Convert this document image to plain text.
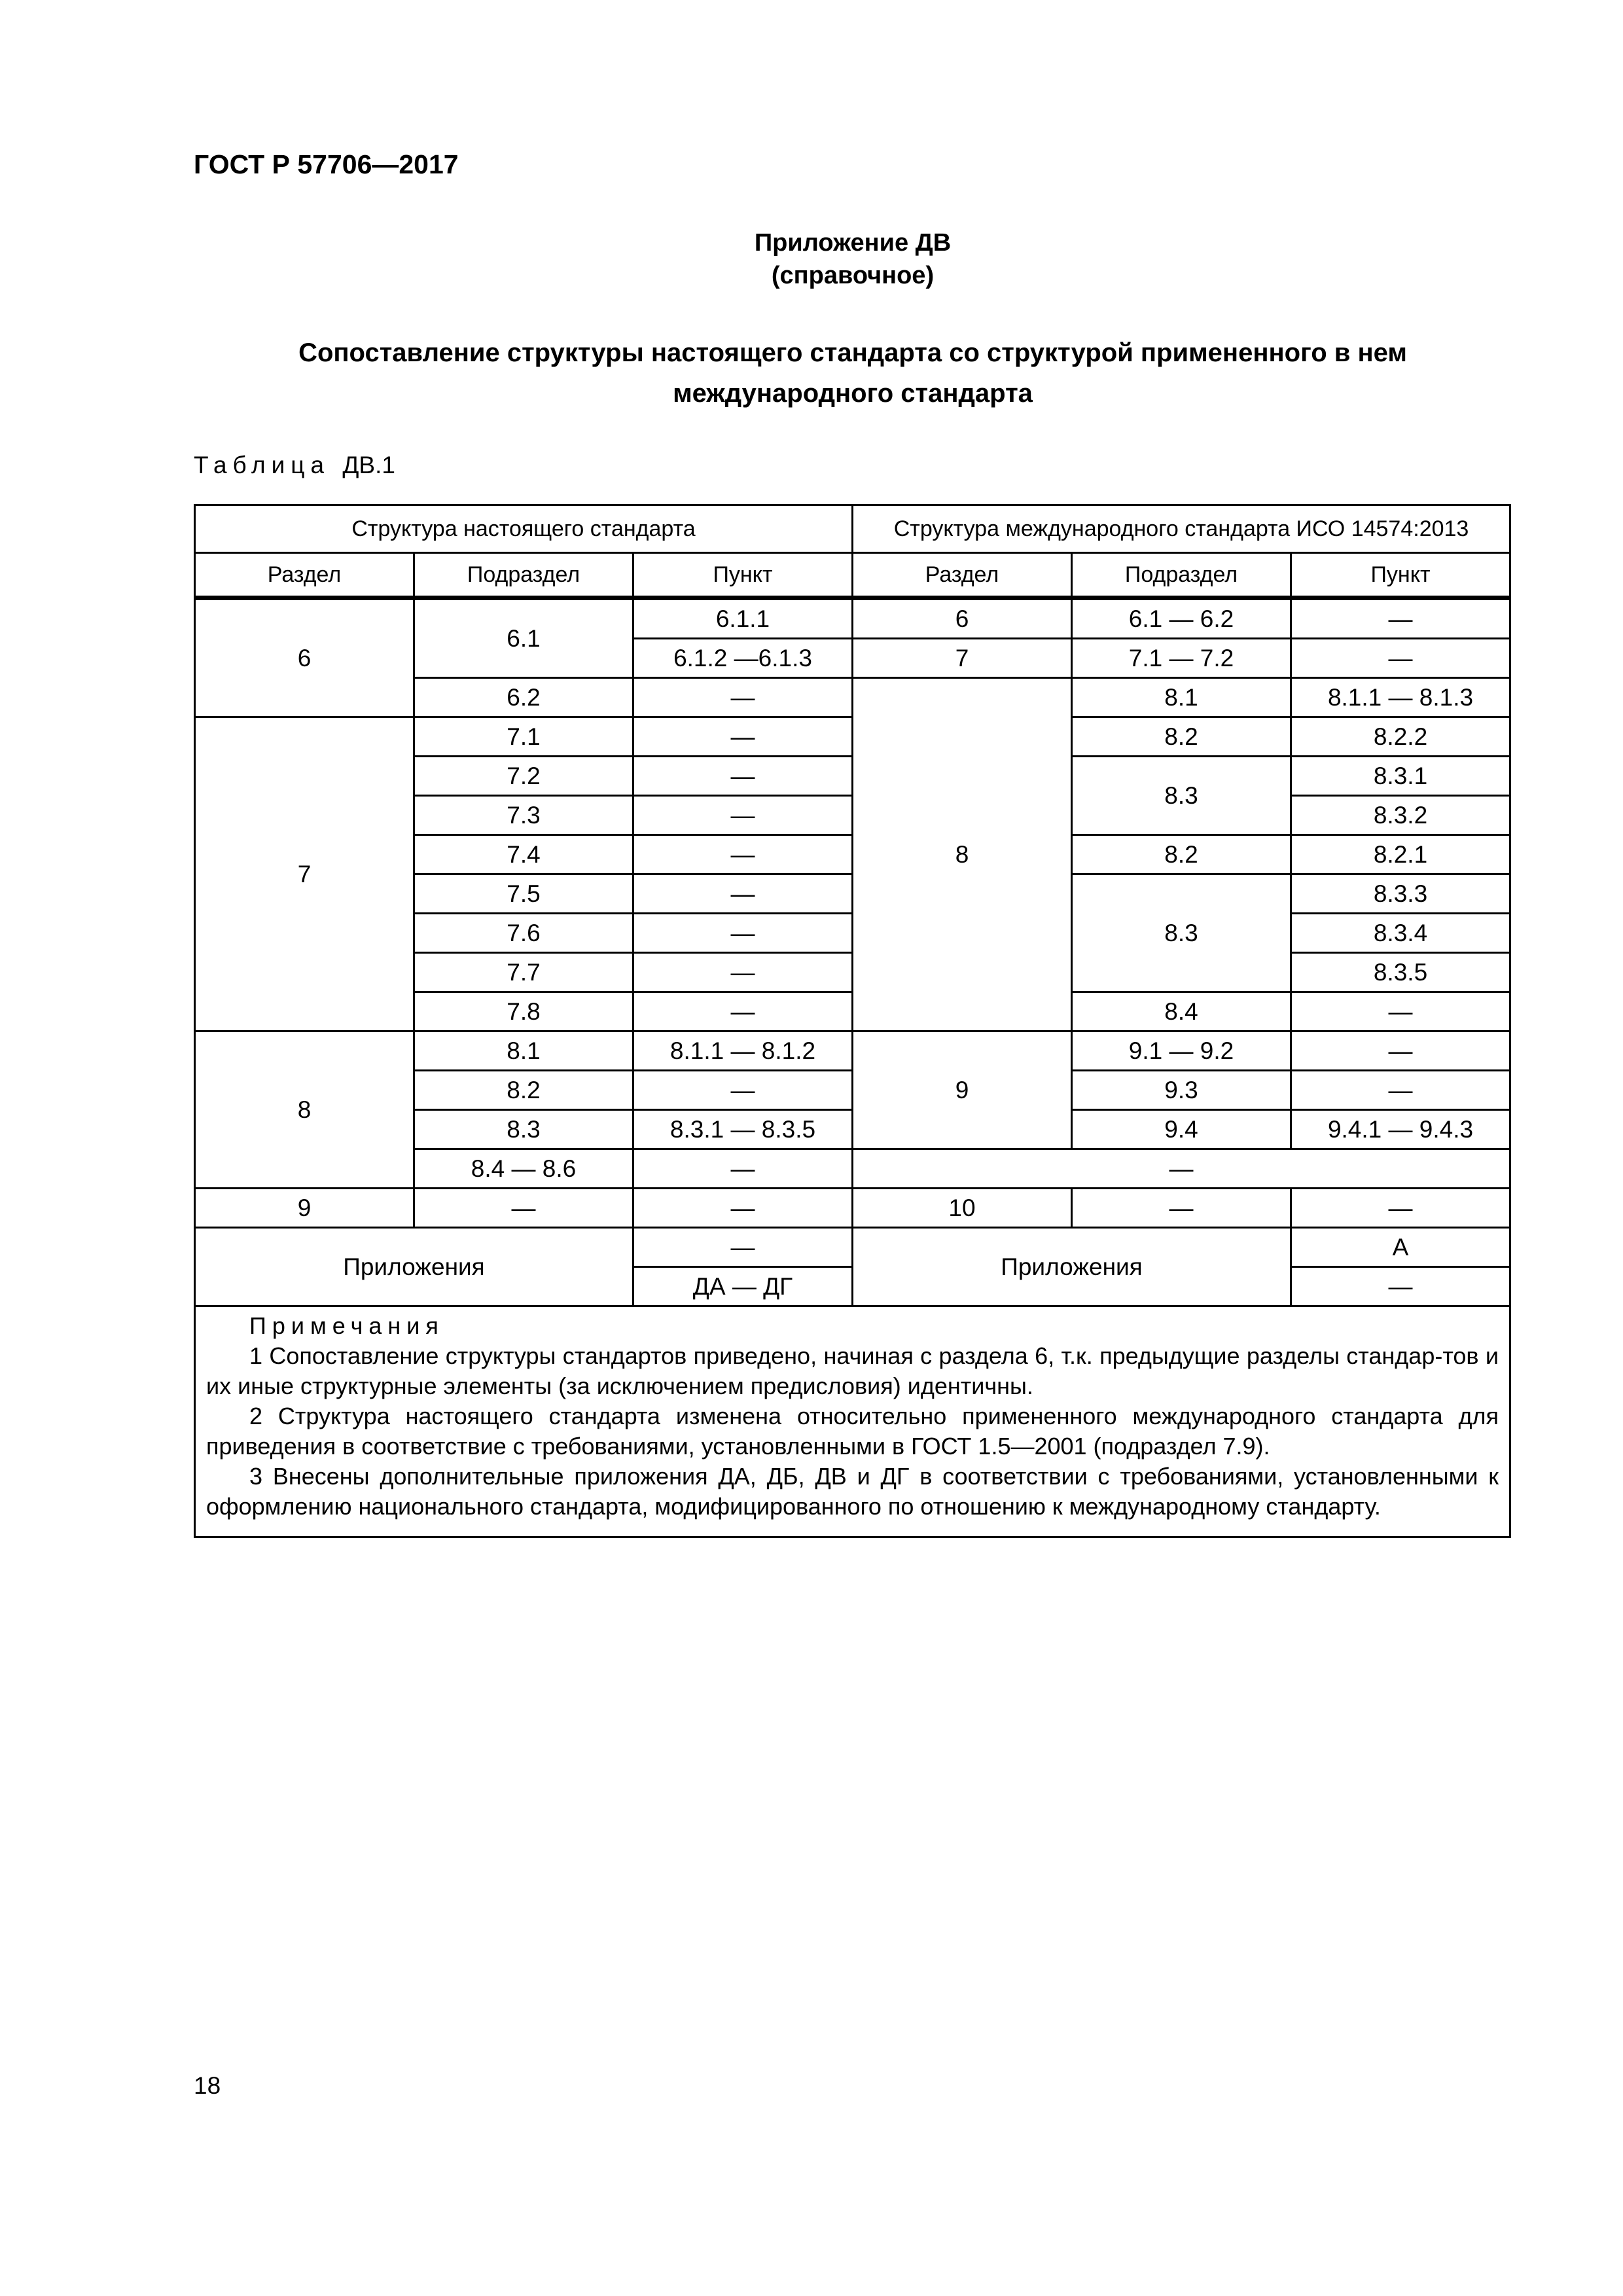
ГОСТ Р 57706—2017
Приложение ДВ
(справочное)
Сопоставление структуры настоящего стандарта со структурой примененного в нем
международного стандарта
Таблица ДВ.1
Структура настоящего стандарта			Структура международного стандарта ИСО 14574:2013		
Раздел	Подраздел	Пункт	Раздел	Подраздел	Пункт
6	6.1	6.1.1	6	6.1 — 6.2	—
		6.1.2 —6.1.3	7	7.1 — 7.2	—
	6.2	—	8	8.1	8.1.1 — 8.1.3
7	7.1	—		8.2	8.2.2
	7.2	—		8.3	8.3.1
	7.3	—			8.3.2
	7.4	—		8.2	8.2.1
	7.5	—		8.3	8.3.3
	7.6	—			8.3.4
	7.7	—			8.3.5
	7.8	—		8.4	—
8	8.1	8.1.1 — 8.1.2	9	9.1 — 9.2	—
	8.2	—		9.3	—
	8.3	8.3.1 — 8.3.5		9.4	9.4.1 — 9.4.3
	8.4 — 8.6	—	—		
9	—	—	10	—	—
Приложения		—	Приложения		А
		ДА — ДГ			—

Примечания

1 Сопоставление структуры стандартов приведено, начиная с раздела 6, т.к. предыдущие разделы стандар-тов и их иные структурные элементы (за исключением предисловия) идентичны.

2 Структура настоящего стандарта изменена относительно примененного международного стандарта для приведения в соответствие с требованиями, установленными в ГОСТ 1.5—2001 (подраздел 7.9).

3 Внесены дополнительные приложения ДА, ДБ, ДВ и ДГ в соответствии с требованиями, установленными к оформлению национального стандарта, модифицированного по отношению к международному стандарту.					

18
